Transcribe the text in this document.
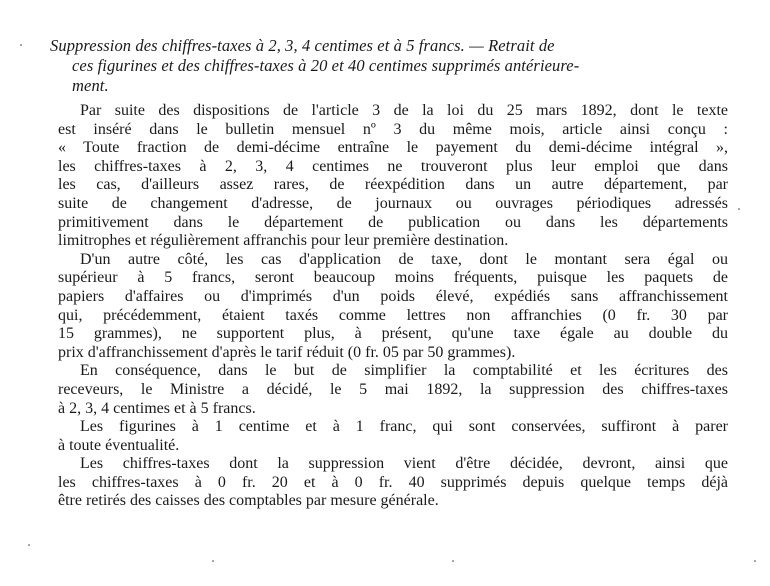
Suppression des chiffres-taxes à 2, 3, 4 centimes et à 5 francs. — Retrait de
ces figurines et des chiffres-taxes à 20 et 40 centimes supprimés antérieure-
ment.
Par suite des dispositions de l'article 3 de la loi du 25 mars 1892, dont le texte
est inséré dans le bulletin mensuel nº 3 du même mois, article ainsi conçu :
« Toute fraction de demi-décime entraîne le payement du demi-décime intégral »,
les chiffres-taxes à 2, 3, 4 centimes ne trouveront plus leur emploi que dans
les cas, d'ailleurs assez rares, de réexpédition dans un autre département, par
suite de changement d'adresse, de journaux ou ouvrages périodiques adressés
primitivement dans le département de publication ou dans les départements
limitrophes et régulièrement affranchis pour leur première destination.
D'un autre côté, les cas d'application de taxe, dont le montant sera égal ou
supérieur à 5 francs, seront beaucoup moins fréquents, puisque les paquets de
papiers d'affaires ou d'imprimés d'un poids élevé, expédiés sans affranchissement
qui, précédemment, étaient taxés comme lettres non affranchies (0 fr. 30 par
15 grammes), ne supportent plus, à présent, qu'une taxe égale au double du
prix d'affranchissement d'après le tarif réduit (0 fr. 05 par 50 grammes).
En conséquence, dans le but de simplifier la comptabilité et les écritures des
receveurs, le Ministre a décidé, le 5 mai 1892, la suppression des chiffres-taxes
à 2, 3, 4 centimes et à 5 francs.
Les figurines à 1 centime et à 1 franc, qui sont conservées, suffiront à parer
à toute éventualité.
Les chiffres-taxes dont la suppression vient d'être décidée, devront, ainsi que
les chiffres-taxes à 0 fr. 20 et à 0 fr. 40 supprimés depuis quelque temps déjà
être retirés des caisses des comptables par mesure générale.
